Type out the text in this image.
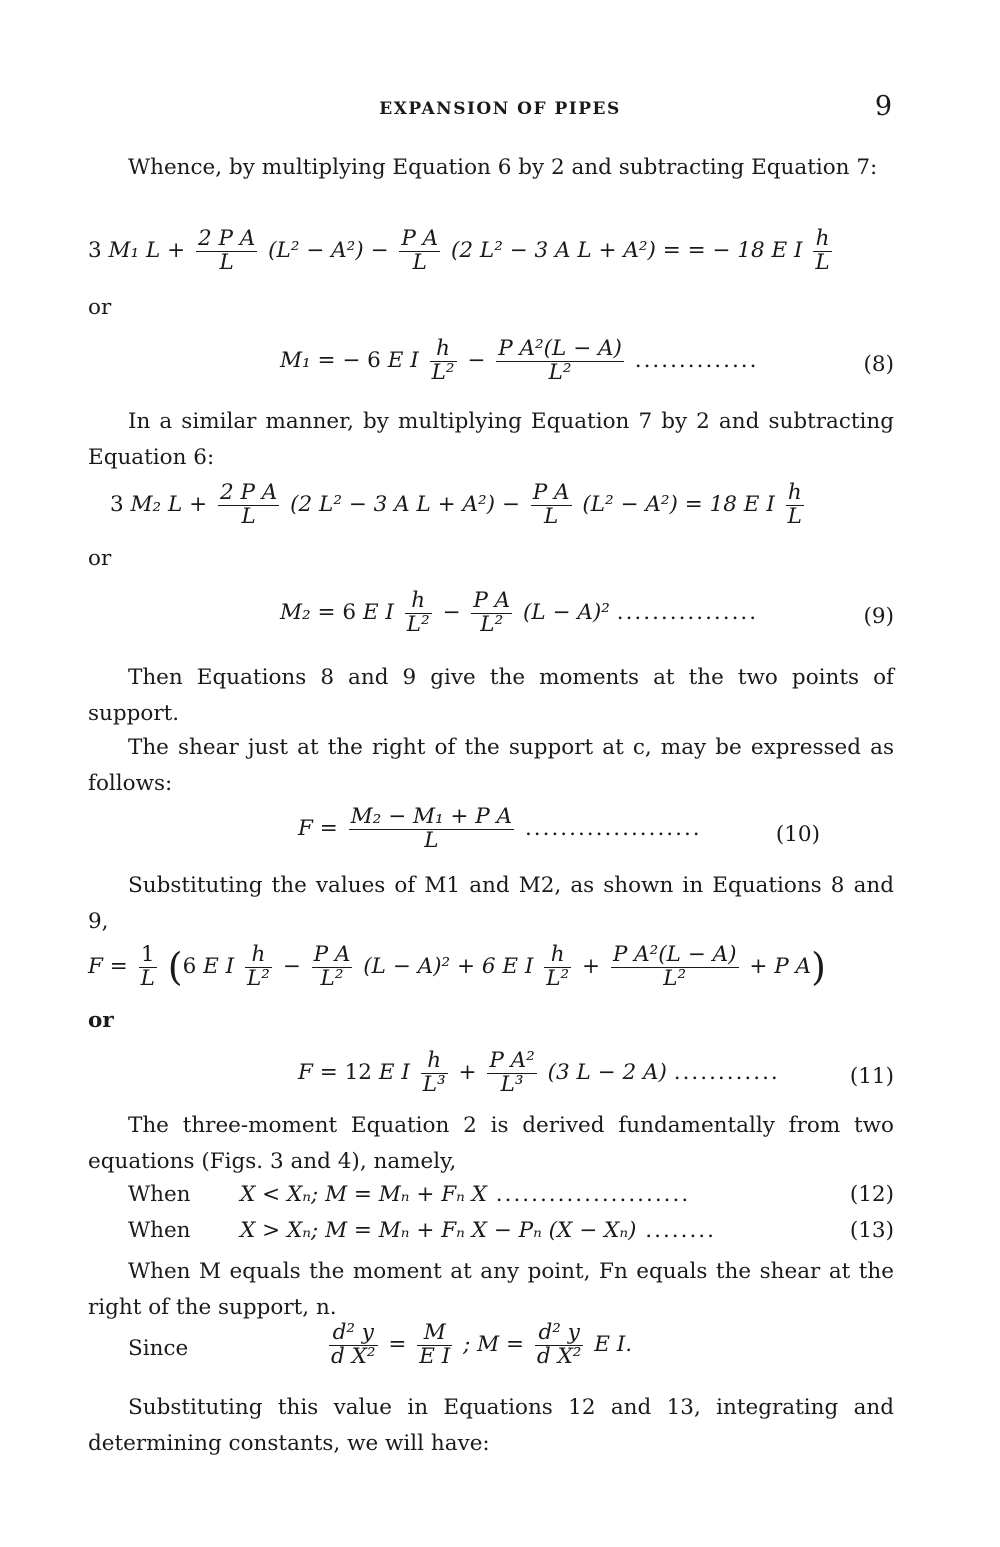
EXPANSION OF PIPES	9
Whence, by multiplying Equation 6 by 2 and subtracting Equation 7:
3 M₁ $L + \frac{\text{2 P A}}{L} (L^2 - A^2) - \frac{\text{P A}}{L} (2$ L² − 3 A L + A²) = = − 18 E I $\frac{h}{L}$
or
M₁ = − 6 E I $\frac{h}{\text{L²}} - \frac{\text{P A²(L − A)}}{\text{L²}}$ ..............	(8)
In a similar manner, by multiplying Equation 7 by 2 and subtracting Equation 6:
3 M₂ $L + \frac{\text{2 P A}}{L} (2$ L² − 3 A $L + A^2) - \frac{\text{P A}}{L} (L^2 - A^2) = 18$ E I $\frac{h}{L}$
or
M₂ = 6 E I $\frac{h}{\text{L²}} - \frac{\text{P A}}{\text{L²}} (L - A)^2$ ................	(9)
Then Equations 8 and 9 give the moments at the two points of support.
The shear just at the right of the support at c, may be expressed as follows:
$F = \frac{\text{M₂ − M₁ + P A}}{L}$ ....................	(10)
Substituting the values of M1 and M2, as shown in Equations 8 and 9,
$F = \frac{1}{L} (6$ E I $\frac{h}{\text{L²}} - \frac{\text{P A}}{\text{L²}} (L - A)^2 + 6$ E I $\frac{h}{\text{L²}} + \frac{\text{P A²(L − A)}}{\text{L²}} + P$ A)
or
F = 12 E I $\frac{h}{\text{L³}} + \frac{\text{P A²}}{\text{L³}} (3$ L − 2 A) ............	(11)
The three-moment Equation 2 is derived fundamentally from two equations (Figs. 3 and 4), namely,
When X < Xₙ; M = Mₙ + Fₙ X ......................	(12)
When X > Xₙ; M = Mₙ + Fₙ X − Pₙ (X − Xₙ) ........	(13)
When M equals the moment at any point, Fn equals the shear at the right of the support, n.
Since	$\frac{\text{d² y}}{\text{d X²}} = \frac{M}{\text{E I}}$ ; $M = \frac{\text{d² y}}{\text{d X²}}$ E I.
Substituting this value in Equations 12 and 13, integrating and determining constants, we will have:
